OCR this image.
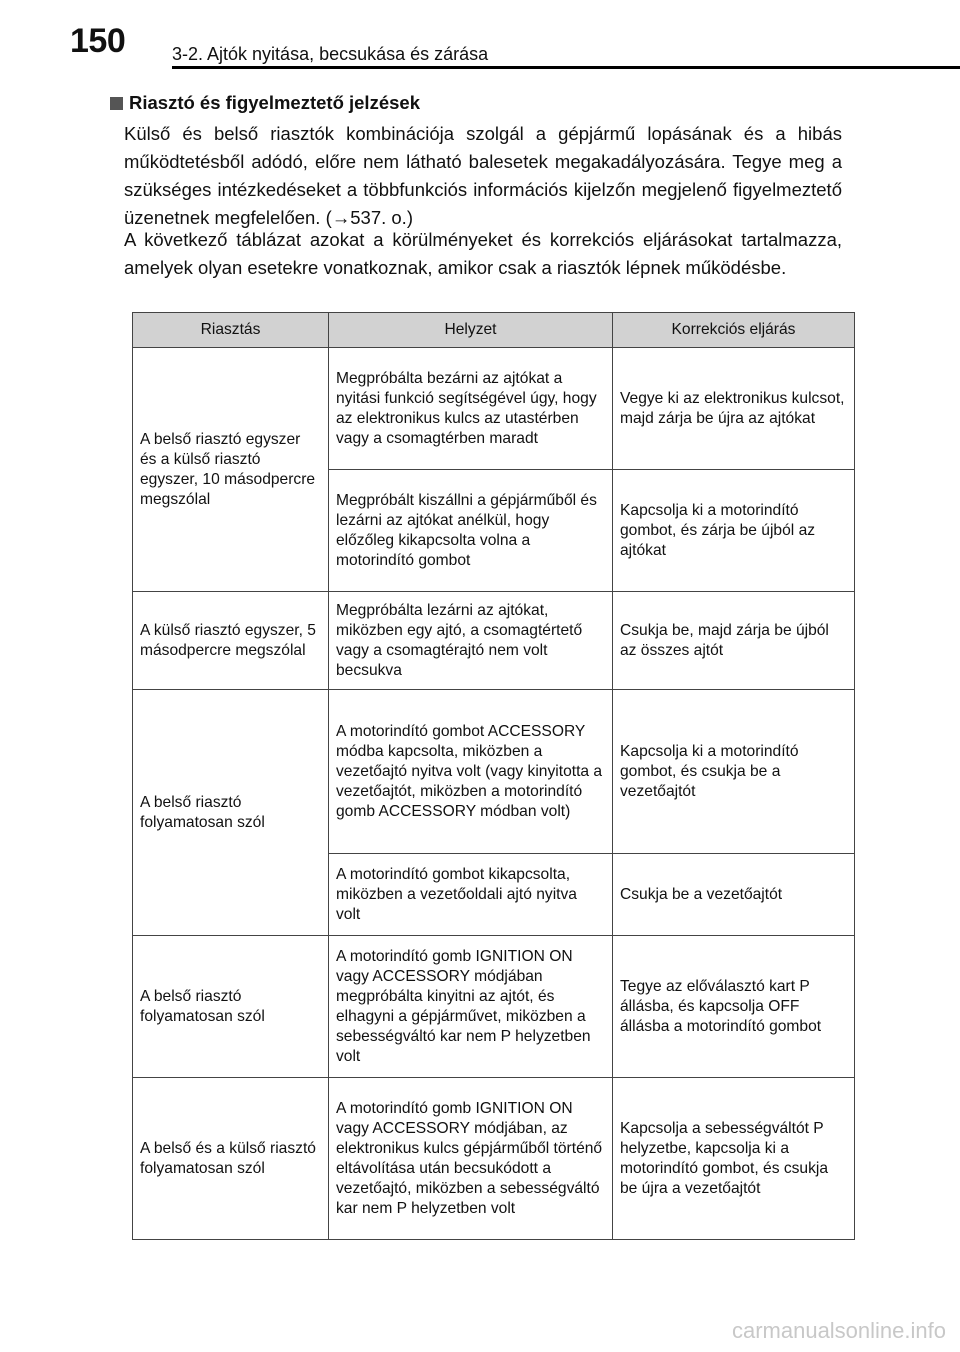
150	3-2. Ajtók nyitása, becsukása és zárása
Riasztó és figyelmeztető jelzések
Külső és belső riasztók kombinációja szolgál a gépjármű lopásának és a hibás működtetésből adódó, előre nem látható balesetek megakadályozására. Tegye meg a szükséges intézkedéseket a többfunkciós információs kijelzőn megjelenő figyelmeztető üzenetnek megfelelően. (→537. o.)
A következő táblázat azokat a körülményeket és korrekciós eljárásokat tartalmazza, amelyek olyan esetekre vonatkoznak, amikor csak a riasztók lépnek működésbe.
Riasztás	Helyzet	Korrekciós eljárás
A belső riasztó egyszer és a külső riasztó egyszer, 10 másodpercre megszólal	Megpróbálta bezárni az ajtókat a nyitási funkció segítségével úgy, hogy az elektronikus kulcs az utastérben vagy a csomagtérben maradt	Vegye ki az elektronikus kulcsot, majd zárja be újra az ajtókat
	Megpróbált kiszállni a gépjárműből és lezárni az ajtókat anélkül, hogy előzőleg kikapcsolta volna a motorindító gombot	Kapcsolja ki a motorindító gombot, és zárja be újból az ajtókat
A külső riasztó egyszer, 5 másodpercre megszólal	Megpróbálta lezárni az ajtókat, miközben egy ajtó, a csomagtértető vagy a csomagtérajtó nem volt becsukva	Csukja be, majd zárja be újból az összes ajtót
A belső riasztó folyamatosan szól	A motorindító gombot ACCESSORY módba kapcsolta, miközben a vezetőajtó nyitva volt (vagy kinyitotta a vezetőajtót, miközben a motorindító gomb ACCESSORY módban volt)	Kapcsolja ki a motorindító gombot, és csukja be a vezetőajtót
	A motorindító gombot kikapcsolta, miközben a vezetőoldali ajtó nyitva volt	Csukja be a vezetőajtót
A belső riasztó folyamatosan szól	A motorindító gomb IGNITION ON vagy ACCESSORY módjában megpróbálta kinyitni az ajtót, és elhagyni a gépjárművet, miközben a sebességváltó kar nem P helyzetben volt	Tegye az előválasztó kart P állásba, és kapcsolja OFF állásba a motorindító gombot
A belső és a külső riasztó folyamatosan szól	A motorindító gomb IGNITION ON vagy ACCESSORY módjában, az elektronikus kulcs gépjárműből történő eltávolítása után becsukódott a vezetőajtó, miközben a sebességváltó kar nem P helyzetben volt	Kapcsolja a sebességváltót P helyzetbe, kapcsolja ki a motorindító gombot, és csukja be újra a vezetőajtót
carmanualsonline.info
